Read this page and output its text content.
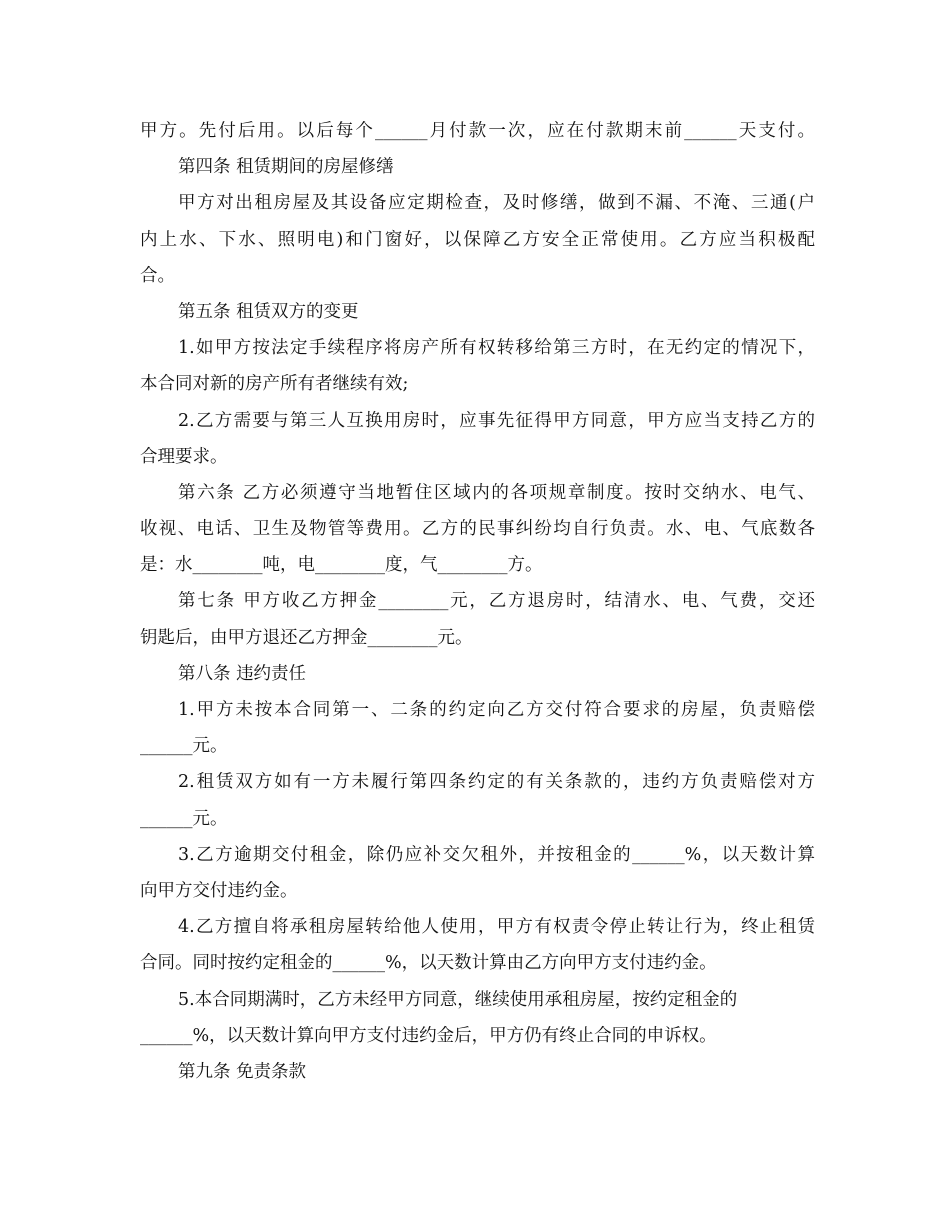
甲方。先付后用。以后每个______月付款一次，应在付款期末前______天支付。
第四条 租赁期间的房屋修缮
甲方对出租房屋及其设备应定期检查，及时修缮，做到不漏、不淹、三通(户
内上水、下水、照明电)和门窗好，以保障乙方安全正常使用。乙方应当积极配
合。
第五条 租赁双方的变更
1.如甲方按法定手续程序将房产所有权转移给第三方时，在无约定的情况下，
本合同对新的房产所有者继续有效;
2.乙方需要与第三人互换用房时，应事先征得甲方同意，甲方应当支持乙方的
合理要求。
第六条 乙方必须遵守当地暂住区域内的各项规章制度。按时交纳水、电气、
收视、电话、卫生及物管等费用。乙方的民事纠纷均自行负责。水、电、气底数各
是：水________吨，电________度，气________方。
第七条 甲方收乙方押金________元，乙方退房时，结清水、电、气费，交还
钥匙后，由甲方退还乙方押金________元。
第八条 违约责任
1.甲方未按本合同第一、二条的约定向乙方交付符合要求的房屋，负责赔偿
______元。
2.租赁双方如有一方未履行第四条约定的有关条款的，违约方负责赔偿对方
______元。
3.乙方逾期交付租金，除仍应补交欠租外，并按租金的______%，以天数计算
向甲方交付违约金。
4.乙方擅自将承租房屋转给他人使用，甲方有权责令停止转让行为，终止租赁
合同。同时按约定租金的______%，以天数计算由乙方向甲方支付违约金。
5.本合同期满时，乙方未经甲方同意，继续使用承租房屋，按约定租金的
______%，以天数计算向甲方支付违约金后，甲方仍有终止合同的申诉权。
第九条 免责条款
